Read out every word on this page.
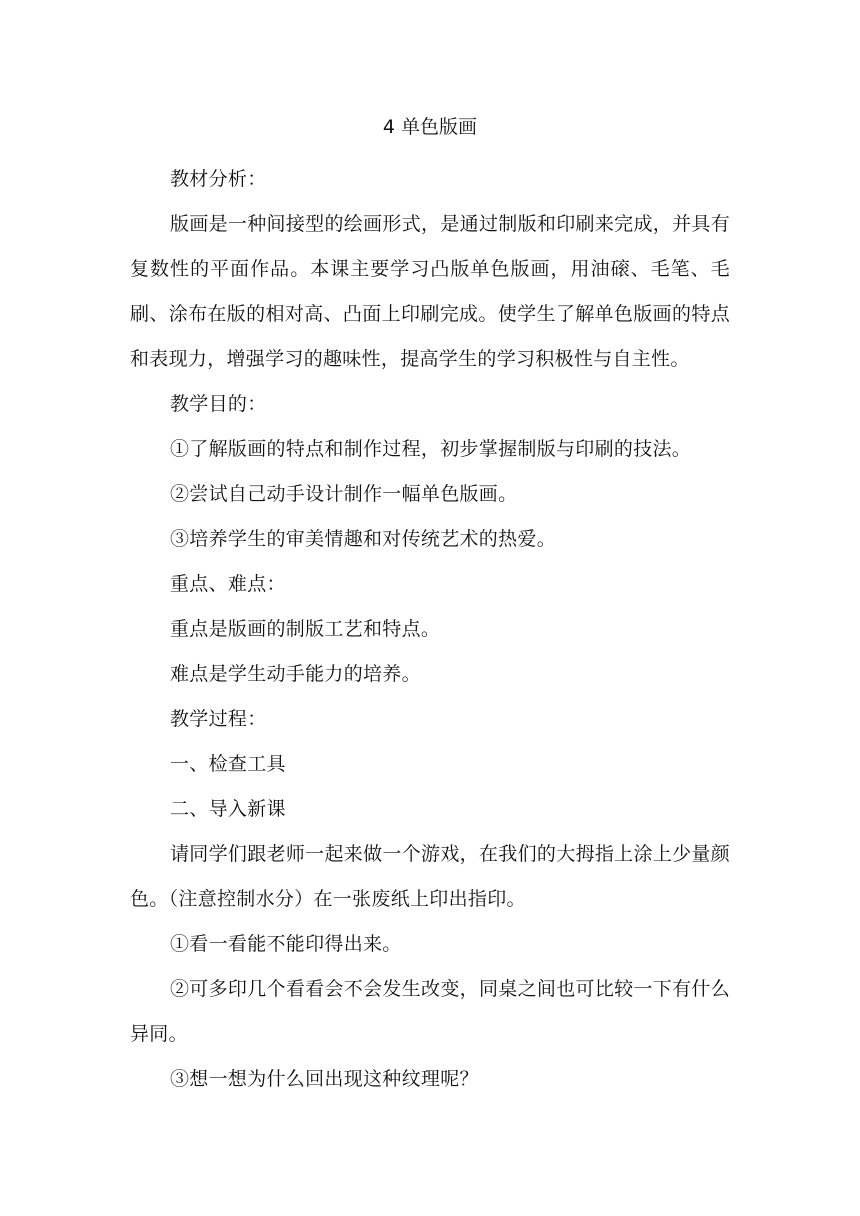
4 单色版画

教材分析：

版画是一种间接型的绘画形式，是通过制版和印刷来完成，并具有复数性的平面作品。本课主要学习凸版单色版画，用油磙、毛笔、毛刷、涂布在版的相对高、凸面上印刷完成。使学生了解单色版画的特点和表现力，增强学习的趣味性，提高学生的学习积极性与自主性。

教学目的：

①了解版画的特点和制作过程，初步掌握制版与印刷的技法。

②尝试自己动手设计制作一幅单色版画。

③培养学生的审美情趣和对传统艺术的热爱。

重点、难点：

重点是版画的制版工艺和特点。

难点是学生动手能力的培养。

教学过程：

一、检查工具

二、导入新课

请同学们跟老师一起来做一个游戏，在我们的大拇指上涂上少量颜色。（注意控制水分）在一张废纸上印出指印。

①看一看能不能印得出来。

②可多印几个看看会不会发生改变，同桌之间也可比较一下有什么异同。

③想一想为什么回出现这种纹理呢？
